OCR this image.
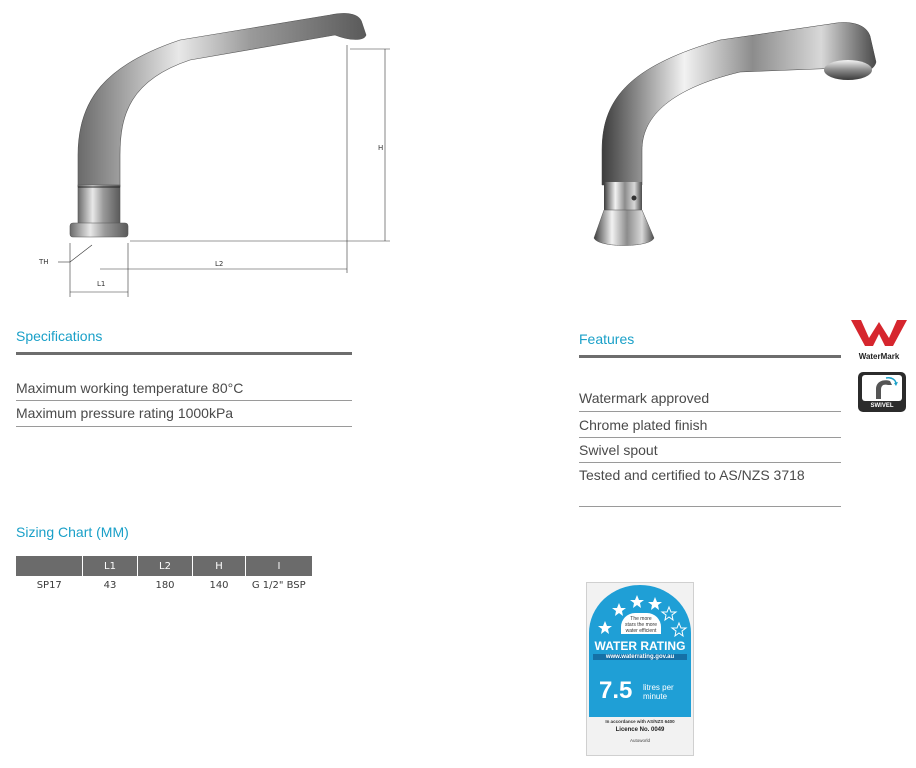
H
TH	L2
L1
Specifications
Maximum working temperature 80°C
Maximum pressure rating 1000kPa
Features
Watermark approved
Chrome plated finish
Swivel spout
Tested and certified to AS/NZS 3718
WaterMark
SWIVEL
Sizing Chart (MM)
	L1	L2	H	I
SP17	43	180	140	G 1/2" BSP
The more
stars the more
water efficient
WATER RATING
www.waterrating.gov.au
7.5 litres per
minute
In accordance with AS/NZS 6400
Licence No. 0049
Autoworld
